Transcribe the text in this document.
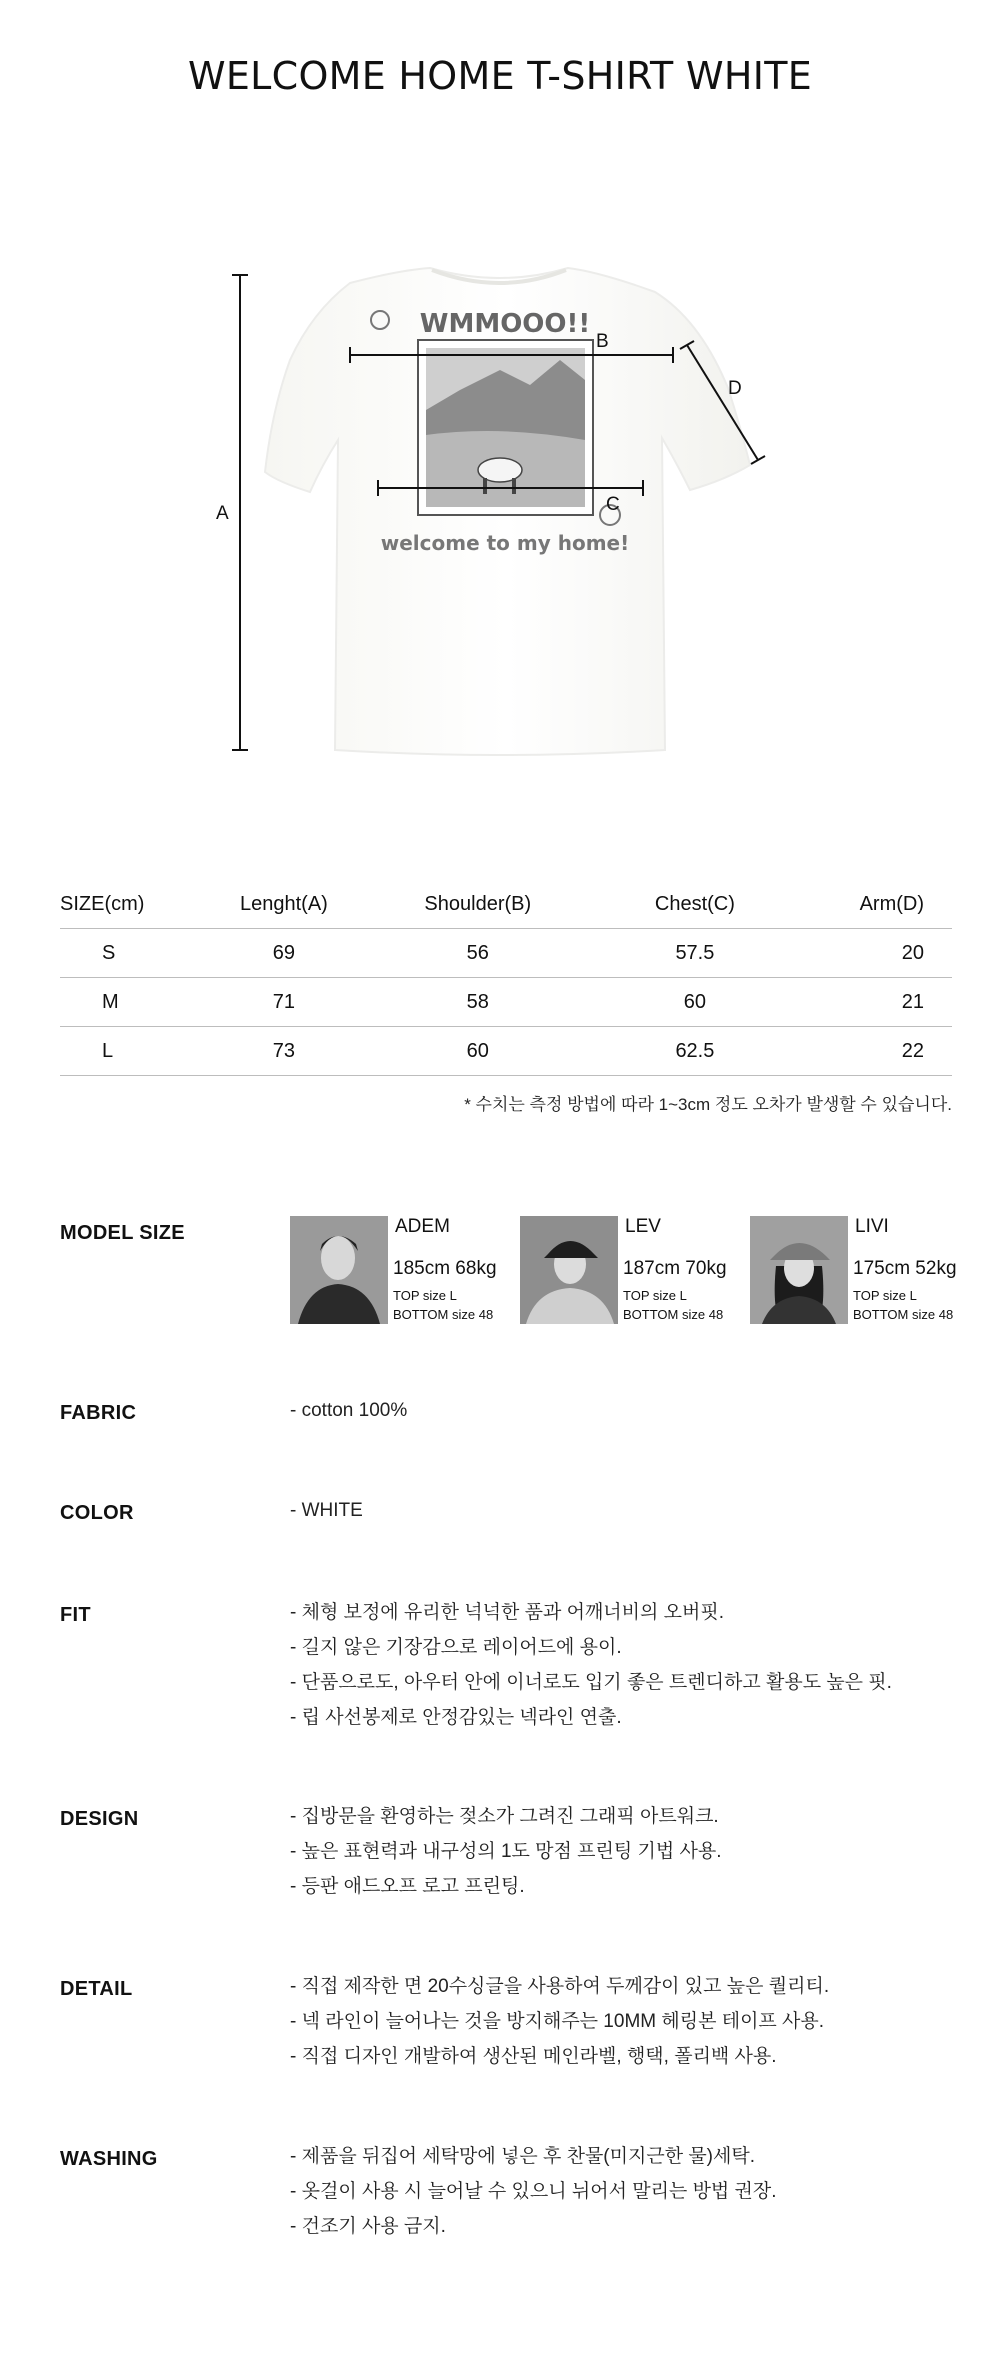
WELCOME HOME T-SHIRT WHITE
WMMOOO!!
welcome to my home!
A
B
C
D
SIZE(cm)	Lenght(A)	Shoulder(B)	Chest(C)	Arm(D)
S	69	56	57.5	20
M	71	58	60	21
L	73	60	62.5	22
* 수치는 측정 방법에 따라 1~3cm 정도 오차가 발생할 수 있습니다.
MODEL SIZE	ADEM
185cm 68kg
TOP size L
BOTTOM size 48
LEV
187cm 70kg
TOP size L
BOTTOM size 48
LIVI
175cm 52kg
TOP size L
BOTTOM size 48
FABRIC	- cotton 100%
COLOR	- WHITE
FIT	- 체형 보정에 유리한 넉넉한 품과 어깨너비의 오버핏.
- 길지 않은 기장감으로 레이어드에 용이.
- 단품으로도, 아우터 안에 이너로도 입기 좋은 트렌디하고 활용도 높은 핏.
- 립 사선봉제로 안정감있는 넥라인 연출.
DESIGN	- 집방문을 환영하는 젖소가 그려진 그래픽 아트워크.
- 높은 표현력과 내구성의 1도 망점 프린팅 기법 사용.
- 등판 애드오프 로고 프린팅.
DETAIL	- 직접 제작한 면 20수싱글을 사용하여 두께감이 있고 높은 퀄리티.
- 넥 라인이 늘어나는 것을 방지해주는 10MM 헤링본 테이프 사용.
- 직접 디자인 개발하여 생산된 메인라벨, 행택, 폴리백 사용.
WASHING	- 제품을 뒤집어 세탁망에 넣은 후 찬물(미지근한 물)세탁.
- 옷걸이 사용 시 늘어날 수 있으니 뉘어서 말리는 방법 권장.
- 건조기 사용 금지.
